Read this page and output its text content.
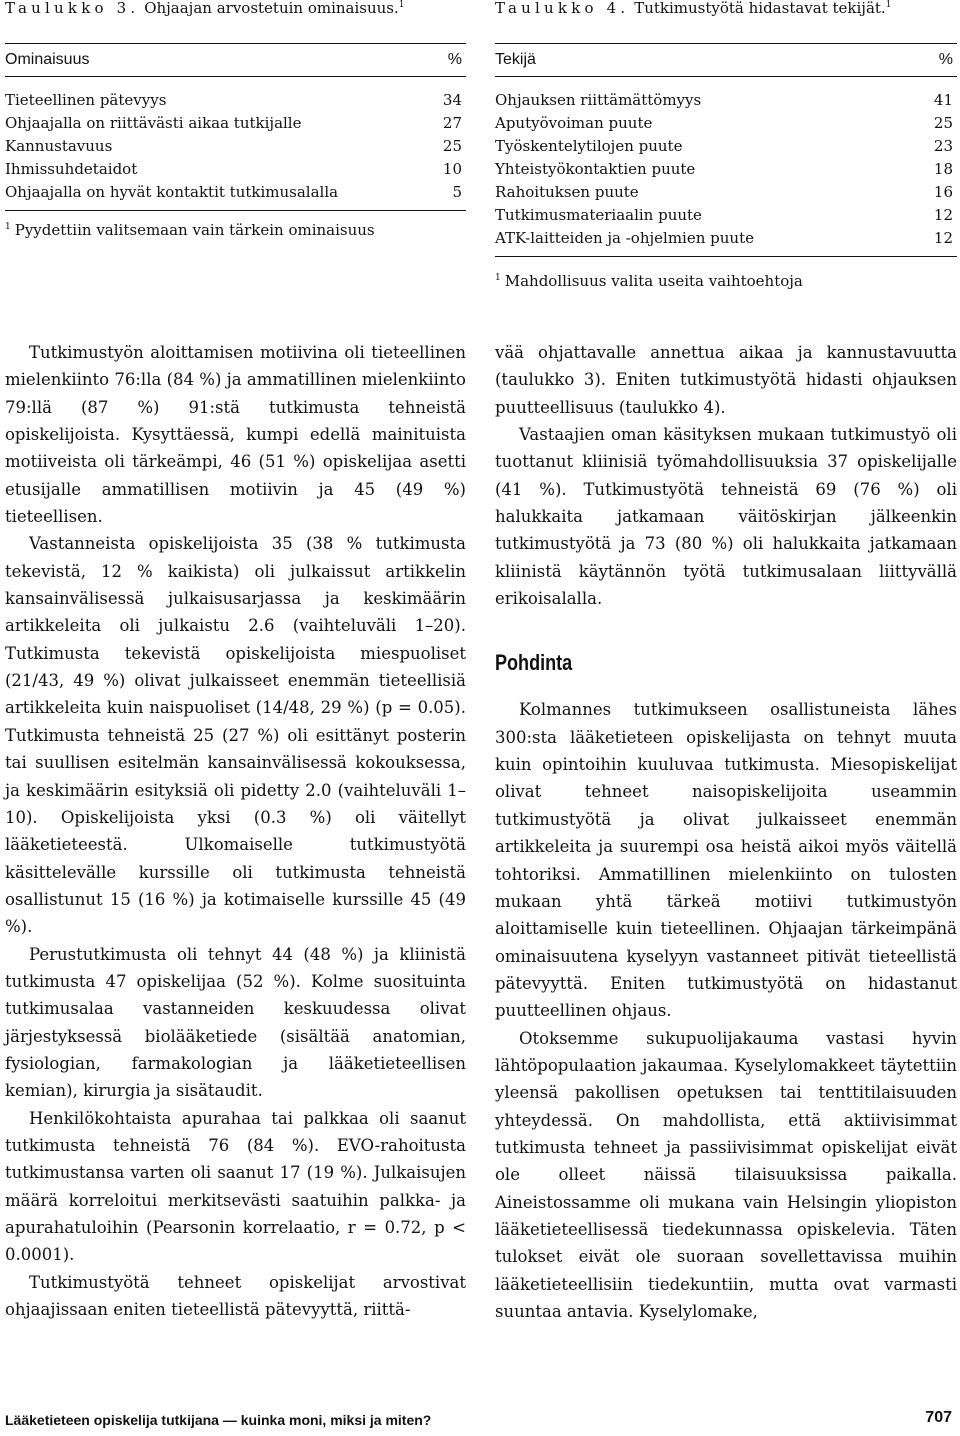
Taulukko 3. Ohjaajan arvostetuin ominaisuus.$^1$
Ominaisuus	%
Tieteellinen pätevyys	34
Ohjaajalla on riittävästi aikaa tutkijalle	27
Kannustavuus	25
Ihmissuhdetaidot	10
Ohjaajalla on hyvät kontaktit tutkimusalalla	5
$^1$ Pyydettiin valitsemaan vain tärkein ominaisuus

Tutkimustyön aloittamisen motiivina oli tieteellinen mielenkiinto 76:lla (84 %) ja ammatillinen mielenkiinto 79:llä (87 %) 91:stä tutkimusta tehneistä opiskelijoista. Kysyttäessä, kumpi edellä mainituista motiiveista oli tärkeämpi, 46 (51 %) opiskelijaa asetti etusijalle ammatillisen motiivin ja 45 (49 %) tieteellisen.

Vastanneista opiskelijoista 35 (38 % tutkimusta tekevistä, 12 % kaikista) oli julkaissut artikkelin kansainvälisessä julkaisusarjassa ja keskimäärin artikkeleita oli julkaistu 2.6 (vaihteluväli 1–20). Tutkimusta tekevistä opiskelijoista miespuoliset (21/43, 49 %) olivat julkaisseet enemmän tieteellisiä artikkeleita kuin naispuoliset (14/48, 29 %) (p = 0.05). Tutkimusta tehneistä 25 (27 %) oli esittänyt posterin tai suullisen esitelmän kansainvälisessä kokouksessa, ja keskimäärin esityksiä oli pidetty 2.0 (vaihteluväli 1–10). Opiskelijoista yksi (0.3 %) oli väitellyt lääketieteestä. Ulkomaiselle tutkimustyötä käsittelevälle kurssille oli tutkimusta tehneistä osallistunut 15 (16 %) ja kotimaiselle kurssille 45 (49 %).

Perustutkimusta oli tehnyt 44 (48 %) ja kliinistä tutkimusta 47 opiskelijaa (52 %). Kolme suosituinta tutkimusalaa vastanneiden keskuudessa olivat järjestyksessä biolääketiede (sisältää anatomian, fysiologian, farmakologian ja lääketieteellisen kemian), kirurgia ja sisätaudit.

Henkilökohtaista apurahaa tai palkkaa oli saanut tutkimusta tehneistä 76 (84 %). EVO-rahoitusta tutkimustansa varten oli saanut 17 (19 %). Julkaisujen määrä korreloitui merkitsevästi saatuihin palkka- ja apurahatuloihin (Pearsonin korrelaatio, r = 0.72, p < 0.0001).

Tutkimustyötä tehneet opiskelijat arvostivat ohjaajissaan eniten tieteellistä pätevyyttä, riittä-

Taulukko 4. Tutkimustyötä hidastavat tekijät.$^1$
Tekijä	%
Ohjauksen riittämättömyys	41
Aputyövoiman puute	25
Työskentelytilojen puute	23
Yhteistyökontaktien puute	18
Rahoituksen puute	16
Tutkimusmateriaalin puute	12
ATK-laitteiden ja -ohjelmien puute	12
$^1$ Mahdollisuus valita useita vaihtoehtoja

vää ohjattavalle annettua aikaa ja kannustavuutta (taulukko 3). Eniten tutkimustyötä hidasti ohjauksen puutteellisuus (taulukko 4).

Vastaajien oman käsityksen mukaan tutkimustyö oli tuottanut kliinisiä työmahdollisuuksia 37 opiskelijalle (41 %). Tutkimustyötä tehneistä 69 (76 %) oli halukkaita jatkamaan väitöskirjan jälkeenkin tutkimustyötä ja 73 (80 %) oli halukkaita jatkamaan kliinistä käytännön työtä tutkimusalaan liittyvällä erikoisalalla.

Pohdinta

Kolmannes tutkimukseen osallistuneista lähes 300:sta lääketieteen opiskelijasta on tehnyt muuta kuin opintoihin kuuluvaa tutkimusta. Miesopiskelijat olivat tehneet naisopiskelijoita useammin tutkimustyötä ja olivat julkaisseet enemmän artikkeleita ja suurempi osa heistä aikoi myös väitellä tohtoriksi. Ammatillinen mielenkiinto on tulosten mukaan yhtä tärkeä motiivi tutkimustyön aloittamiselle kuin tieteellinen. Ohjaajan tärkeimpänä ominaisuutena kyselyyn vastanneet pitivät tieteellistä pätevyyttä. Eniten tutkimustyötä on hidastanut puutteellinen ohjaus.

Otoksemme sukupuolijakauma vastasi hyvin lähtöpopulaation jakaumaa. Kyselylomakkeet täytettiin yleensä pakollisen opetuksen tai tenttitilaisuuden yhteydessä. On mahdollista, että aktiivisimmat tutkimusta tehneet ja passiivisimmat opiskelijat eivät ole olleet näissä tilaisuuksissa paikalla. Aineistossamme oli mukana vain Helsingin yliopiston lääketieteellisessä tiedekunnassa opiskelevia. Täten tulokset eivät ole suoraan sovellettavissa muihin lääketieteellisiin tiedekuntiin, mutta ovat varmasti suuntaa antavia. Kyselylomake,

Lääketieteen opiskelija tutkijana — kuinka moni, miksi ja miten?	707
